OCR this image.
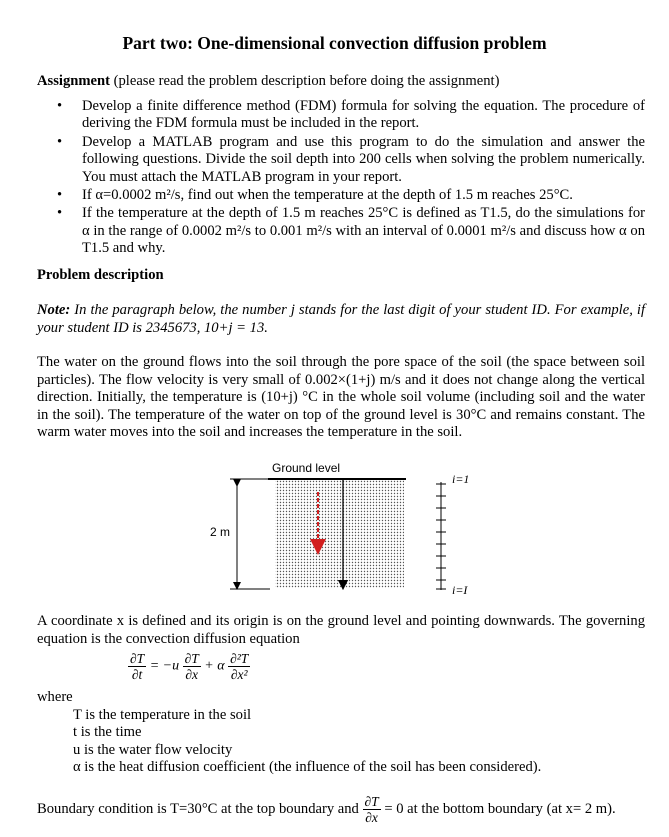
Part two: One-dimensional convection diffusion problem
Assignment (please read the problem description before doing the assignment)
• Develop a finite difference method (FDM) formula for solving the equation. The procedure of deriving the FDM formula must be included in the report.
• Develop a MATLAB program and use this program to do the simulation and answer the following questions. Divide the soil depth into 200 cells when solving the problem numerically. You must attach the MATLAB program in your report.
• If α=0.0002 m²/s, find out when the temperature at the depth of 1.5 m reaches 25°C.
• If the temperature at the depth of 1.5 m reaches 25°C is defined as T1.5, do the simulations for α in the range of 0.0002 m²/s to 0.001 m²/s with an interval of 0.0001 m²/s and discuss how α on T1.5 and why.
Problem description
Note: In the paragraph below, the number j stands for the last digit of your student ID. For example, if your student ID is 2345673, 10+j = 13.
The water on the ground flows into the soil through the pore space of the soil (the space between soil particles). The flow velocity is very small of 0.002×(1+j) m/s and it does not change along the vertical direction. Initially, the temperature is (10+j) °C in the whole soil volume (including soil and the water in the soil). The temperature of the water on top of the ground level is 30°C and remains constant. The warm water moves into the soil and increases the temperature in the soil.
Ground level
2 m
i=1
i=I
A coordinate x is defined and its origin is on the ground level and pointing downwards. The governing equation is the convection diffusion equation
$\frac{\partial T}{\partial t} = -u \frac{\partial T}{\partial x} + \alpha \frac{\text{∂²T}}{\text{∂x²}}$
where
T is the temperature in the soil
t is the time
u is the water flow velocity
α is the heat diffusion coefficient (the influence of the soil has been considered).
Boundary condition is T=30°C at the top boundary and $\frac{\partial T}{\partial x} = 0$ at the bottom boundary (at x= 2 m).
